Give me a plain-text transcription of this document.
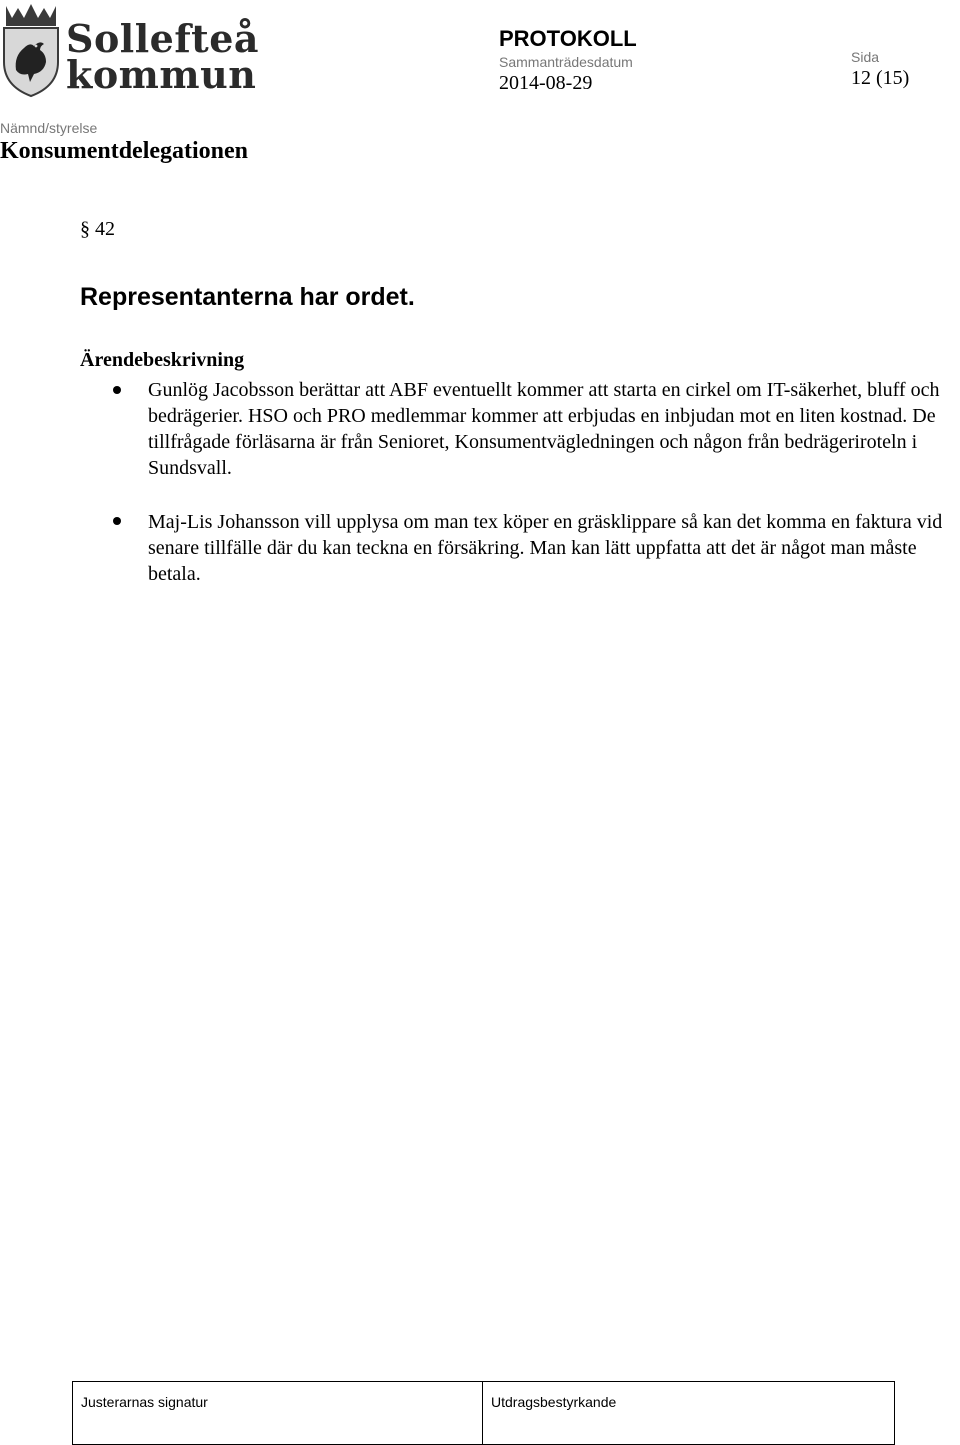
Sollefteå
kommun
PROTOKOLL
Sammanträdesdatum
2014-08-29
Sida
12 (15)
Nämnd/styrelse
Konsumentdelegationen
§ 42
Representanterna har ordet.
Ärendebeskrivning
Gunlög Jacobsson berättar att ABF eventuellt kommer att starta en cirkel om IT-säkerhet, bluff och bedrägerier. HSO och PRO medlemmar kommer att erbjudas en inbjudan mot en liten kostnad. De tillfrågade förläsarna är från Senioret, Konsumentvägledningen och någon från bedrägeriroteln i Sundsvall.
Maj-Lis Johansson vill upplysa om man tex köper en gräsklippare så kan det komma en faktura vid senare tillfälle där du kan teckna en försäkring. Man kan lätt uppfatta att det är något man måste betala.
Justerarnas signatur	Utdragsbestyrkande
